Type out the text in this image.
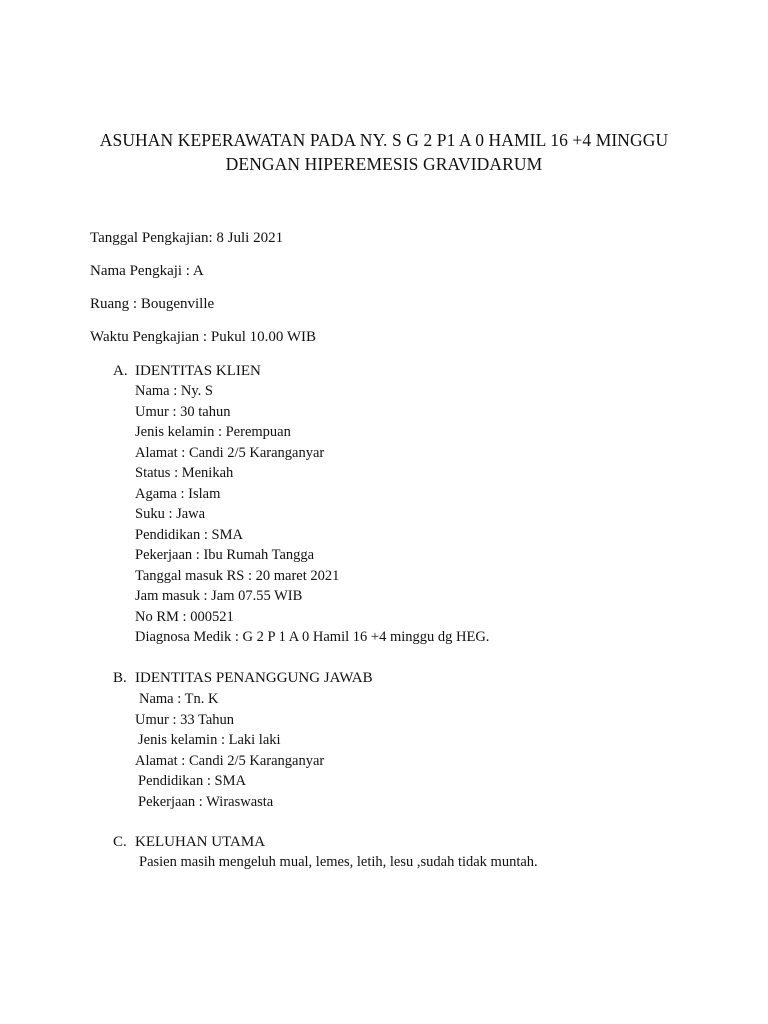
ASUHAN KEPERAWATAN PADA NY. S G 2 P1 A 0 HAMIL 16 +4 MINGGU
DENGAN HIPEREMESIS GRAVIDARUM
Tanggal Pengkajian: 8 Juli 2021
Nama Pengkaji : A
Ruang : Bougenville
Waktu Pengkajian : Pukul 10.00 WIB
A. IDENTITAS KLIEN
Nama : Ny. S
Umur : 30 tahun
Jenis kelamin : Perempuan
Alamat : Candi 2/5 Karanganyar
Status : Menikah
Agama : Islam
Suku : Jawa
Pendidikan : SMA
Pekerjaan : Ibu Rumah Tangga
Tanggal masuk RS : 20 maret 2021
Jam masuk : Jam 07.55 WIB
No RM : 000521
Diagnosa Medik : G 2 P 1 A 0 Hamil 16 +4 minggu dg HEG.
B. IDENTITAS PENANGGUNG JAWAB
Nama : Tn. K
Umur : 33 Tahun
Jenis kelamin : Laki laki
Alamat : Candi 2/5 Karanganyar
Pendidikan : SMA
Pekerjaan : Wiraswasta
C. KELUHAN UTAMA
Pasien masih mengeluh mual, lemes, letih, lesu ,sudah tidak muntah.
